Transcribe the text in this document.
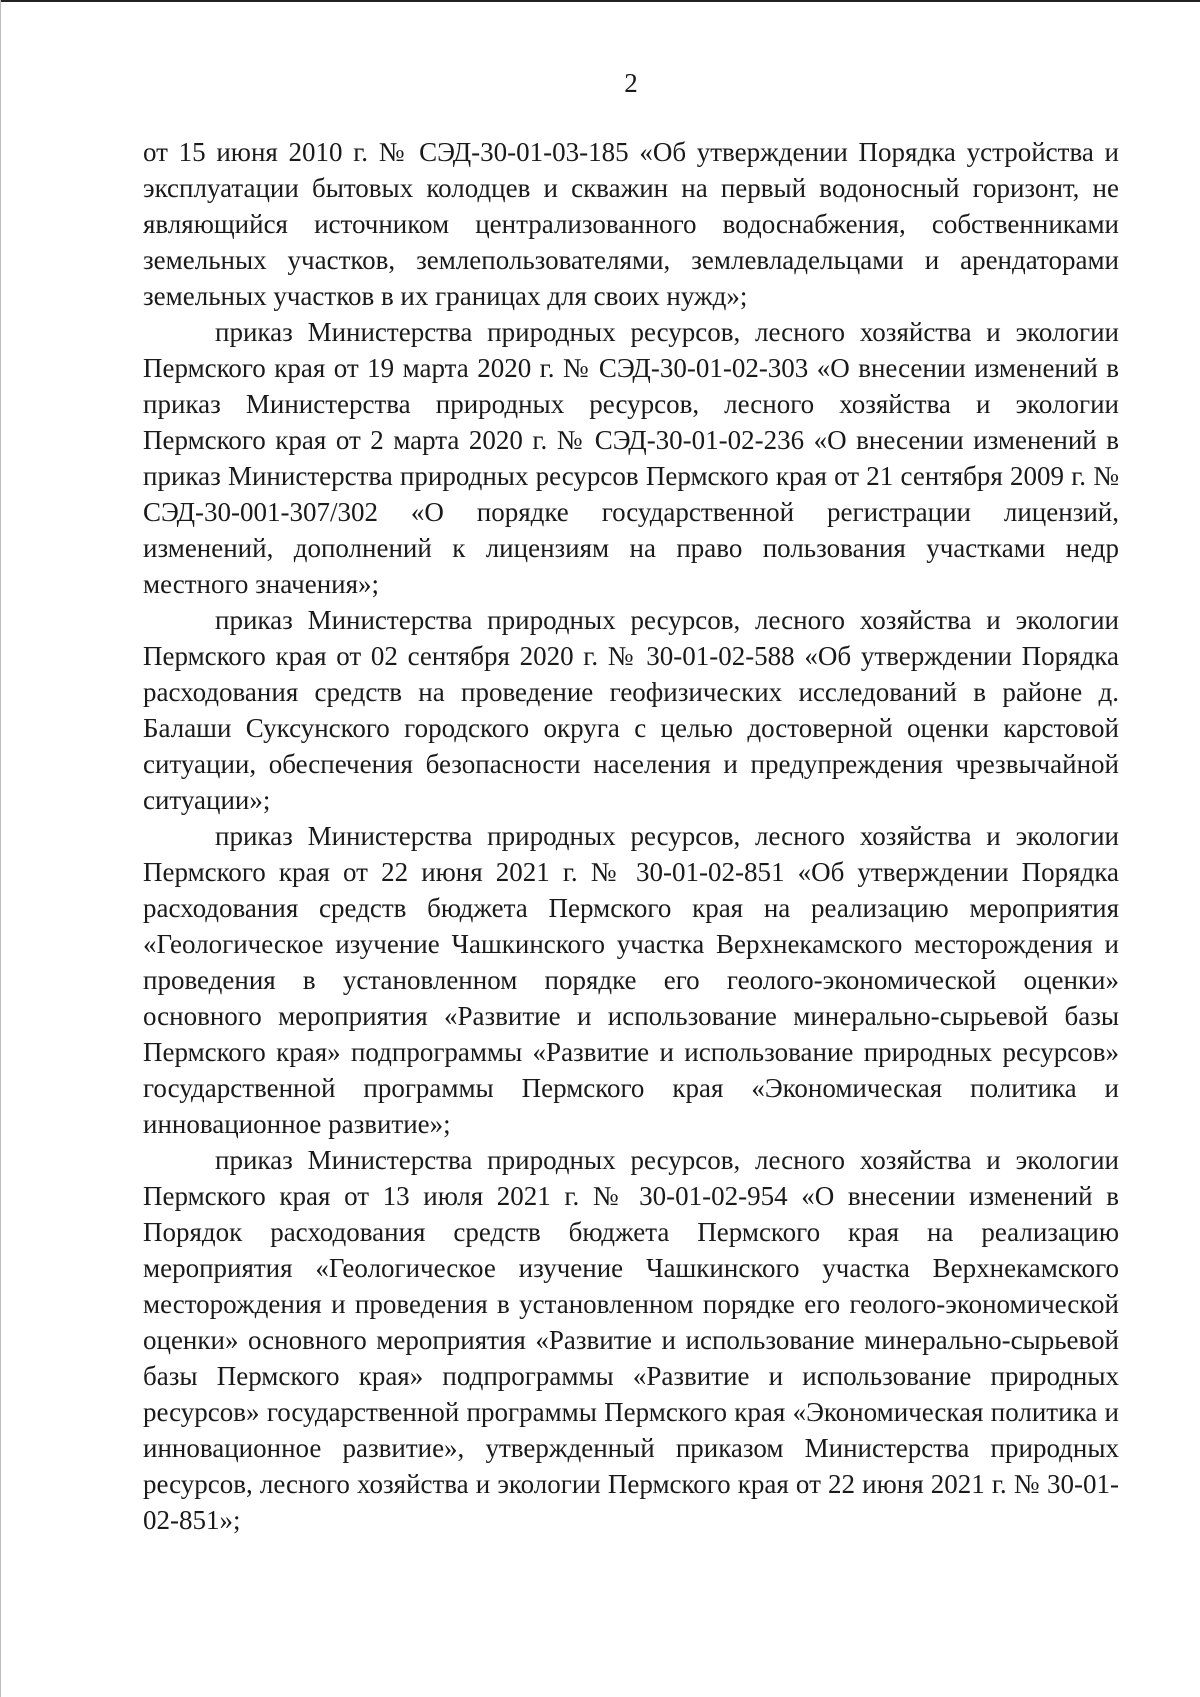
2

от 15 июня 2010 г. № СЭД-30-01-03-185 «Об утверждении Порядка устройства и эксплуатации бытовых колодцев и скважин на первый водоносный горизонт, не являющийся источником централизованного водоснабжения, собственниками земельных участков, землепользователями, землевладельцами и арендаторами земельных участков в их границах для своих нужд»;

приказ Министерства природных ресурсов, лесного хозяйства и экологии Пермского края от 19 марта 2020 г. № СЭД-30-01-02-303 «О внесении изменений в приказ Министерства природных ресурсов, лесного хозяйства и экологии Пермского края от 2 марта 2020 г. № СЭД-30-01-02-236 «О внесении изменений в приказ Министерства природных ресурсов Пермского края от 21 сентября 2009 г. № СЭД-30-001-307/302 «О порядке государственной регистрации лицензий, изменений, дополнений к лицензиям на право пользования участками недр местного значения»;

приказ Министерства природных ресурсов, лесного хозяйства и экологии Пермского края от 02 сентября 2020 г. № 30-01-02-588 «Об утверждении Порядка расходования средств на проведение геофизических исследований в районе д. Балаши Суксунского городского округа с целью достоверной оценки карстовой ситуации, обеспечения безопасности населения и предупреждения чрезвычайной ситуации»;

приказ Министерства природных ресурсов, лесного хозяйства и экологии Пермского края от 22 июня 2021 г. № 30-01-02-851 «Об утверждении Порядка расходования средств бюджета Пермского края на реализацию мероприятия «Геологическое изучение Чашкинского участка Верхнекамского месторождения и проведения в установленном порядке его геолого-экономической оценки» основного мероприятия «Развитие и использование минерально-сырьевой базы Пермского края» подпрограммы «Развитие и использование природных ресурсов» государственной программы Пермского края «Экономическая политика и инновационное развитие»;

приказ Министерства природных ресурсов, лесного хозяйства и экологии Пермского края от 13 июля 2021 г. № 30-01-02-954 «О внесении изменений в Порядок расходования средств бюджета Пермского края на реализацию мероприятия «Геологическое изучение Чашкинского участка Верхнекамского месторождения и проведения в установленном порядке его геолого-экономической оценки» основного мероприятия «Развитие и использование минерально-сырьевой базы Пермского края» подпрограммы «Развитие и использование природных ресурсов» государственной программы Пермского края «Экономическая политика и инновационное развитие», утвержденный приказом Министерства природных ресурсов, лесного хозяйства и экологии Пермского края от 22 июня 2021 г. № 30-01-02-851»;
